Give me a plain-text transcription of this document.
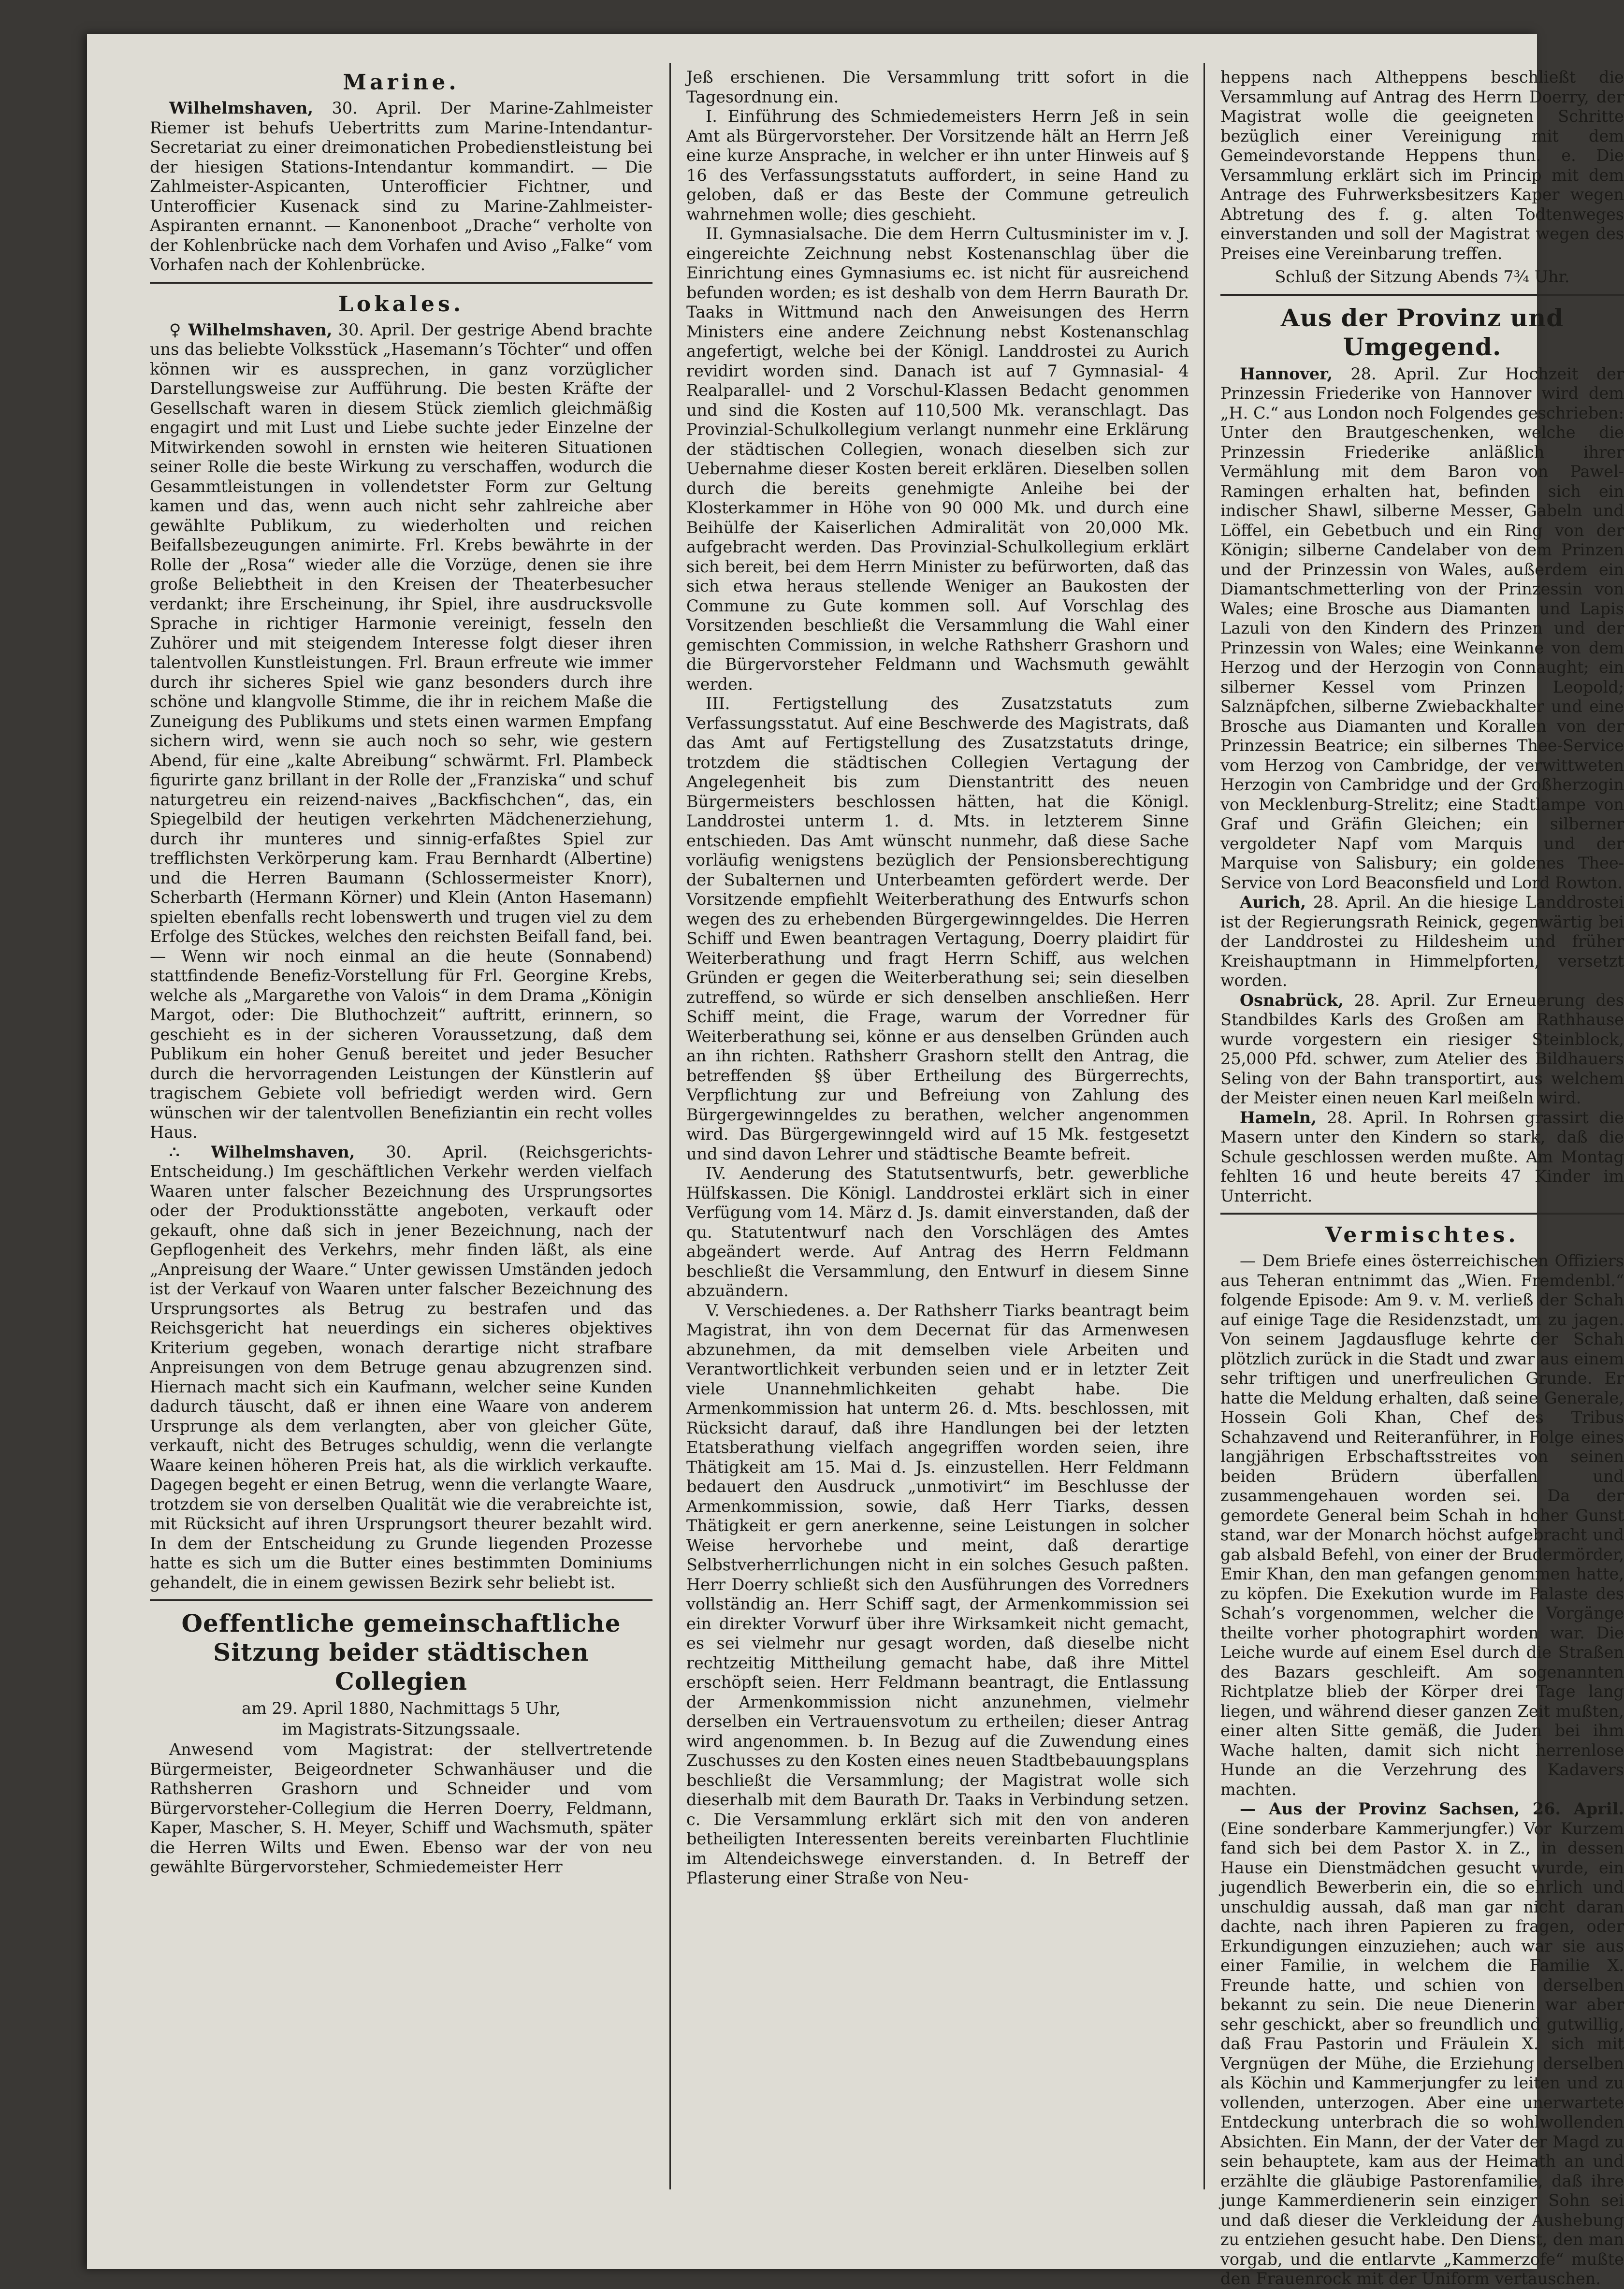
Marine.

Wilhelmshaven, 30. April. Der Marine-Zahlmeister Riemer ist behufs Uebertritts zum Marine-Intendantur-Secretariat zu einer dreimonatichen Probedienstleistung bei der hiesigen Stations-Intendantur kommandirt. — Die Zahlmeister-Aspicanten, Unterofficier Fichtner, und Unterofficier Kusenack sind zu Marine-Zahlmeister-Aspiranten ernannt. — Kanonenboot „Drache“ verholte von der Kohlenbrücke nach dem Vorhafen und Aviso „Falke“ vom Vorhafen nach der Kohlenbrücke.

Lokales.

♀ Wilhelmshaven, 30. April. Der gestrige Abend brachte uns das beliebte Volksstück „Hasemann’s Töchter“ und offen können wir es aussprechen, in ganz vorzüglicher Darstellungsweise zur Aufführung. Die besten Kräfte der Gesellschaft waren in diesem Stück ziemlich gleichmäßig engagirt und mit Lust und Liebe suchte jeder Einzelne der Mitwirkenden sowohl in ernsten wie heiteren Situationen seiner Rolle die beste Wirkung zu verschaffen, wodurch die Gesammtleistungen in vollendetster Form zur Geltung kamen und das, wenn auch nicht sehr zahlreiche aber gewählte Publikum, zu wiederholten und reichen Beifallsbezeugungen animirte. Frl. Krebs bewährte in der Rolle der „Rosa“ wieder alle die Vorzüge, denen sie ihre große Beliebtheit in den Kreisen der Theaterbesucher verdankt; ihre Erscheinung, ihr Spiel, ihre ausdrucksvolle Sprache in richtiger Harmonie vereinigt, fesseln den Zuhörer und mit steigendem Interesse folgt dieser ihren talentvollen Kunstleistungen. Frl. Braun erfreute wie immer durch ihr sicheres Spiel wie ganz besonders durch ihre schöne und klangvolle Stimme, die ihr in reichem Maße die Zuneigung des Publikums und stets einen warmen Empfang sichern wird, wenn sie auch noch so sehr, wie gestern Abend, für eine „kalte Abreibung“ schwärmt. Frl. Plambeck figurirte ganz brillant in der Rolle der „Franziska“ und schuf naturgetreu ein reizend-naives „Backfischchen“, das, ein Spiegelbild der heutigen verkehrten Mädchenerziehung, durch ihr munteres und sinnig-erfaßtes Spiel zur trefflichsten Verkörperung kam. Frau Bernhardt (Albertine) und die Herren Baumann (Schlossermeister Knorr), Scherbarth (Hermann Körner) und Klein (Anton Hasemann) spielten ebenfalls recht lobenswerth und trugen viel zu dem Erfolge des Stückes, welches den reichsten Beifall fand, bei. — Wenn wir noch einmal an die heute (Sonnabend) stattfindende Benefiz-Vorstellung für Frl. Georgine Krebs, welche als „Margarethe von Valois“ in dem Drama „Königin Margot, oder: Die Bluthochzeit“ auftritt, erinnern, so geschieht es in der sicheren Voraussetzung, daß dem Publikum ein hoher Genuß bereitet und jeder Besucher durch die hervorragenden Leistungen der Künstlerin auf tragischem Gebiete voll befriedigt werden wird. Gern wünschen wir der talentvollen Benefiziantin ein recht volles Haus.

∴ Wilhelmshaven, 30. April. (Reichsgerichts-Entscheidung.) Im geschäftlichen Verkehr werden vielfach Waaren unter falscher Bezeichnung des Ursprungsortes oder der Produktionsstätte angeboten, verkauft oder gekauft, ohne daß sich in jener Bezeichnung, nach der Gepflogenheit des Verkehrs, mehr finden läßt, als eine „Anpreisung der Waare.“ Unter gewissen Umständen jedoch ist der Verkauf von Waaren unter falscher Bezeichnung des Ursprungsortes als Betrug zu bestrafen und das Reichsgericht hat neuerdings ein sicheres objektives Kriterium gegeben, wonach derartige nicht strafbare Anpreisungen von dem Betruge genau abzugrenzen sind. Hiernach macht sich ein Kaufmann, welcher seine Kunden dadurch täuscht, daß er ihnen eine Waare von anderem Ursprunge als dem verlangten, aber von gleicher Güte, verkauft, nicht des Betruges schuldig, wenn die verlangte Waare keinen höheren Preis hat, als die wirklich verkaufte. Dagegen begeht er einen Betrug, wenn die verlangte Waare, trotzdem sie von derselben Qualität wie die verabreichte ist, mit Rücksicht auf ihren Ursprungsort theurer bezahlt wird. In dem der Entscheidung zu Grunde liegenden Prozesse hatte es sich um die Butter eines bestimmten Dominiums gehandelt, die in einem gewissen Bezirk sehr beliebt ist.

Oeffentliche gemeinschaftliche Sitzung beider städtischen Collegien

am 29. April 1880, Nachmittags 5 Uhr,

im Magistrats-Sitzungssaale.

Anwesend vom Magistrat: der stellvertretende Bürgermeister, Beigeordneter Schwanhäuser und die Rathsherren Grashorn und Schneider und vom Bürgervorsteher-Collegium die Herren Doerry, Feldmann, Kaper, Mascher, S. H. Meyer, Schiff und Wachsmuth, später die Herren Wilts und Ewen. Ebenso war der von neu gewählte Bürgervorsteher, Schmiedemeister Herr

Jeß erschienen. Die Versammlung tritt sofort in die Tagesordnung ein.

I. Einführung des Schmiedemeisters Herrn Jeß in sein Amt als Bürgervorsteher. Der Vorsitzende hält an Herrn Jeß eine kurze Ansprache, in welcher er ihn unter Hinweis auf § 16 des Verfassungsstatuts auffordert, in seine Hand zu geloben, daß er das Beste der Commune getreulich wahrnehmen wolle; dies geschieht.

II. Gymnasialsache. Die dem Herrn Cultusminister im v. J. eingereichte Zeichnung nebst Kostenanschlag über die Einrichtung eines Gymnasiums ec. ist nicht für ausreichend befunden worden; es ist deshalb von dem Herrn Baurath Dr. Taaks in Wittmund nach den Anweisungen des Herrn Ministers eine andere Zeichnung nebst Kostenanschlag angefertigt, welche bei der Königl. Landdrostei zu Aurich revidirt worden sind. Danach ist auf 7 Gymnasial- 4 Realparallel- und 2 Vorschul-Klassen Bedacht genommen und sind die Kosten auf 110,500 Mk. veranschlagt. Das Provinzial-Schulkollegium verlangt nunmehr eine Erklärung der städtischen Collegien, wonach dieselben sich zur Uebernahme dieser Kosten bereit erklären. Dieselben sollen durch die bereits genehmigte Anleihe bei der Klosterkammer in Höhe von 90 000 Mk. und durch eine Beihülfe der Kaiserlichen Admiralität von 20,000 Mk. aufgebracht werden. Das Provinzial-Schulkollegium erklärt sich bereit, bei dem Herrn Minister zu befürworten, daß das sich etwa heraus stellende Weniger an Baukosten der Commune zu Gute kommen soll. Auf Vorschlag des Vorsitzenden beschließt die Versammlung die Wahl einer gemischten Commission, in welche Rathsherr Grashorn und die Bürgervorsteher Feldmann und Wachsmuth gewählt werden.

III. Fertigstellung des Zusatzstatuts zum Verfassungsstatut. Auf eine Beschwerde des Magistrats, daß das Amt auf Fertigstellung des Zusatzstatuts dringe, trotzdem die städtischen Collegien Vertagung der Angelegenheit bis zum Dienstantritt des neuen Bürgermeisters beschlossen hätten, hat die Königl. Landdrostei unterm 1. d. Mts. in letzterem Sinne entschieden. Das Amt wünscht nunmehr, daß diese Sache vorläufig wenigstens bezüglich der Pensionsberechtigung der Subalternen und Unterbeamten gefördert werde. Der Vorsitzende empfiehlt Weiterberathung des Entwurfs schon wegen des zu erhebenden Bürgergewinngeldes. Die Herren Schiff und Ewen beantragen Vertagung, Doerry plaidirt für Weiterberathung und fragt Herrn Schiff, aus welchen Gründen er gegen die Weiterberathung sei; sein dieselben zutreffend, so würde er sich denselben anschließen. Herr Schiff meint, die Frage, warum der Vorredner für Weiterberathung sei, könne er aus denselben Gründen auch an ihn richten. Rathsherr Grashorn stellt den Antrag, die betreffenden §§ über Ertheilung des Bürgerrechts, Verpflichtung zur und Befreiung von Zahlung des Bürgergewinngeldes zu berathen, welcher angenommen wird. Das Bürgergewinngeld wird auf 15 Mk. festgesetzt und sind davon Lehrer und städtische Beamte befreit.

IV. Aenderung des Statutsentwurfs, betr. gewerbliche Hülfskassen. Die Königl. Landdrostei erklärt sich in einer Verfügung vom 14. März d. Js. damit einverstanden, daß der qu. Statutentwurf nach den Vorschlägen des Amtes abgeändert werde. Auf Antrag des Herrn Feldmann beschließt die Versammlung, den Entwurf in diesem Sinne abzuändern.

V. Verschiedenes. a. Der Rathsherr Tiarks beantragt beim Magistrat, ihn von dem Decernat für das Armenwesen abzunehmen, da mit demselben viele Arbeiten und Verantwortlichkeit verbunden seien und er in letzter Zeit viele Unannehmlichkeiten gehabt habe. Die Armenkommission hat unterm 26. d. Mts. beschlossen, mit Rücksicht darauf, daß ihre Handlungen bei der letzten Etatsberathung vielfach angegriffen worden seien, ihre Thätigkeit am 15. Mai d. Js. einzustellen. Herr Feldmann bedauert den Ausdruck „unmotivirt“ im Beschlusse der Armenkommission, sowie, daß Herr Tiarks, dessen Thätigkeit er gern anerkenne, seine Leistungen in solcher Weise hervorhebe und meint, daß derartige Selbstverherrlichungen nicht in ein solches Gesuch paßten. Herr Doerry schließt sich den Ausführungen des Vorredners vollständig an. Herr Schiff sagt, der Armenkommission sei ein direkter Vorwurf über ihre Wirksamkeit nicht gemacht, es sei vielmehr nur gesagt worden, daß dieselbe nicht rechtzeitig Mittheilung gemacht habe, daß ihre Mittel erschöpft seien. Herr Feldmann beantragt, die Entlassung der Armenkommission nicht anzunehmen, vielmehr derselben ein Vertrauensvotum zu ertheilen; dieser Antrag wird angenommen. b. In Bezug auf die Zuwendung eines Zuschusses zu den Kosten eines neuen Stadtbebauungsplans beschließt die Versammlung; der Magistrat wolle sich dieserhalb mit dem Baurath Dr. Taaks in Verbindung setzen. c. Die Versammlung erklärt sich mit den von anderen betheiligten Interessenten bereits vereinbarten Fluchtlinie im Altendeichswege einverstanden. d. In Betreff der Pflasterung einer Straße von Neu-

heppens nach Altheppens beschließt die Versammlung auf Antrag des Herrn Doerry, der Magistrat wolle die geeigneten Schritte bezüglich einer Vereinigung mit dem Gemeindevorstande Heppens thun. e. Die Versammlung erklärt sich im Princip mit dem Antrage des Fuhrwerksbesitzers Kaper wegen Abtretung des f. g. alten Todtenweges einverstanden und soll der Magistrat wegen des Preises eine Vereinbarung treffen.

Schluß der Sitzung Abends 7¾ Uhr.

Aus der Provinz und Umgegend.

Hannover, 28. April. Zur Hochzeit der Prinzessin Friederike von Hannover wird dem „H. C.“ aus London noch Folgendes geschrieben: Unter den Brautgeschenken, welche die Prinzessin Friederike anläßlich ihrer Vermählung mit dem Baron von Pawel-Ramingen erhalten hat, befinden sich ein indischer Shawl, silberne Messer, Gabeln und Löffel, ein Gebetbuch und ein Ring von der Königin; silberne Candelaber von dem Prinzen und der Prinzessin von Wales, außerdem ein Diamantschmetterling von der Prinzessin von Wales; eine Brosche aus Diamanten und Lapis Lazuli von den Kindern des Prinzen und der Prinzessin von Wales; eine Weinkanne von dem Herzog und der Herzogin von Connaught; ein silberner Kessel vom Prinzen Leopold; Salznäpfchen, silberne Zwiebackhalter und eine Brosche aus Diamanten und Korallen von der Prinzessin Beatrice; ein silbernes Thee-Service vom Herzog von Cambridge, der verwittweten Herzogin von Cambridge und der Großherzogin von Mecklenburg-Strelitz; eine Stadtlampe von Graf und Gräfin Gleichen; ein silberner vergoldeter Napf vom Marquis und der Marquise von Salisbury; ein goldenes Thee-Service von Lord Beaconsfield und Lord Rowton.

Aurich, 28. April. An die hiesige Landdrostei ist der Regierungsrath Reinick, gegenwärtig bei der Landdrostei zu Hildesheim und früher Kreishauptmann in Himmelpforten, versetzt worden.

Osnabrück, 28. April. Zur Erneuerung des Standbildes Karls des Großen am Rathhause wurde vorgestern ein riesiger Steinblock, 25,000 Pfd. schwer, zum Atelier des Bildhauers Seling von der Bahn transportirt, aus welchem der Meister einen neuen Karl meißeln wird.

Hameln, 28. April. In Rohrsen grassirt die Masern unter den Kindern so stark, daß die Schule geschlossen werden mußte. Am Montag fehlten 16 und heute bereits 47 Kinder im Unterricht.

Vermischtes.

— Dem Briefe eines österreichischen Offiziers aus Teheran entnimmt das „Wien. Fremdenbl.“ folgende Episode: Am 9. v. M. verließ der Schah auf einige Tage die Residenzstadt, um zu jagen. Von seinem Jagdausfluge kehrte der Schah plötzlich zurück in die Stadt und zwar aus einem sehr triftigen und unerfreulichen Grunde. Er hatte die Meldung erhalten, daß seine Generale, Hossein Goli Khan, Chef des Tribus Schahzavend und Reiteranführer, in Folge eines langjährigen Erbschaftsstreites von seinen beiden Brüdern überfallen und zusammengehauen worden sei. Da der gemordete General beim Schah in hoher Gunst stand, war der Monarch höchst aufgebracht und gab alsbald Befehl, von einer der Brudermörder, Emir Khan, den man gefangen genommen hatte, zu köpfen. Die Exekution wurde im Palaste des Schah’s vorgenommen, welcher die Vorgänge theilte vorher photographirt worden war. Die Leiche wurde auf einem Esel durch die Straßen des Bazars geschleift. Am sogenannten Richtplatze blieb der Körper drei Tage lang liegen, und während dieser ganzen Zeit mußten, einer alten Sitte gemäß, die Juden bei ihm Wache halten, damit sich nicht herrenlose Hunde an die Verzehrung des Kadavers machten.

— Aus der Provinz Sachsen, 26. April. (Eine sonderbare Kammerjungfer.) Vor Kurzem fand sich bei dem Pastor X. in Z., in dessen Hause ein Dienstmädchen gesucht wurde, ein jugendlich Bewerberin ein, die so ehrlich und unschuldig aussah, daß man gar nicht daran dachte, nach ihren Papieren zu fragen, oder Erkundigungen einzuziehen; auch war sie aus einer Familie, in welchem die Familie X. Freunde hatte, und schien von derselben bekannt zu sein. Die neue Dienerin war aber sehr geschickt, aber so freundlich und gutwillig, daß Frau Pastorin und Fräulein X. sich mit Vergnügen der Mühe, die Erziehung derselben als Köchin und Kammerjungfer zu leiten und zu vollenden, unterzogen. Aber eine unerwartete Entdeckung unterbrach die so wohlwollenden Absichten. Ein Mann, der der Vater der Magd zu sein behauptete, kam aus der Heimath an und erzählte die gläubige Pastorenfamilie, daß ihre junge Kammerdienerin sein einziger Sohn sei und daß dieser die Verkleidung der Aushebung zu entziehen gesucht habe. Den Dienst, den man vorgab, und die entlarvte „Kammerzofe“ mußte den Frauenrock mit der Uniform vertauschen.
